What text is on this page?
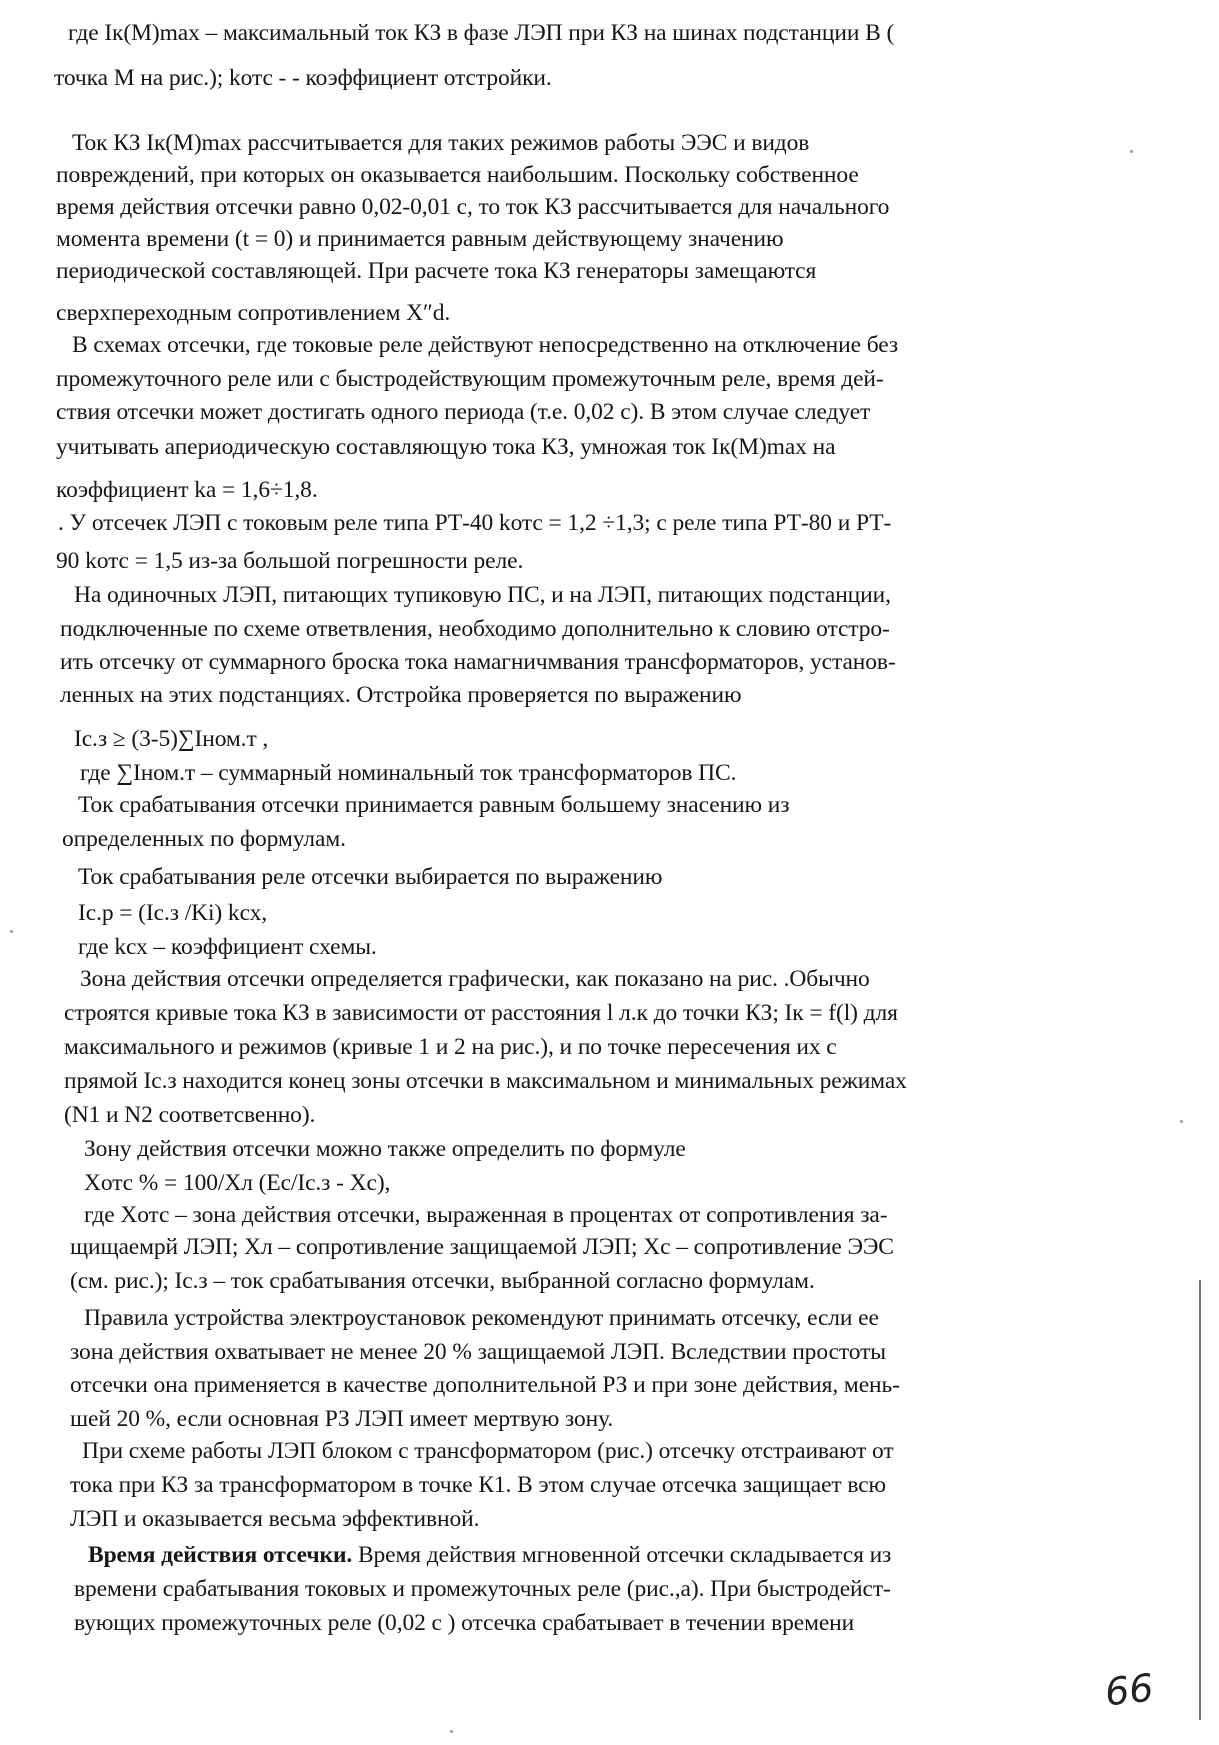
где Iк(М)max – максимальный ток КЗ в фазе ЛЭП при КЗ на шинах подстанции В (
точка М на рис.); kотс - - коэффициент отстройки.
Ток КЗ Iк(М)max рассчитывается для таких режимов работы ЭЭС и видов
повреждений, при которых он оказывается наибольшим. Поскольку собственное
время действия отсечки равно 0,02-0,01 с, то ток КЗ рассчитывается для начального
момента времени (t = 0) и принимается равным действующему значению
периодической составляющей. При расчете тока КЗ генераторы замещаются
сверхпереходным сопротивлением X″d.
В схемах отсечки, где токовые реле действуют непосредственно на отключение без
промежуточного реле или с быстродействующим промежуточным реле, время дей-
ствия отсечки может достигать одного периода (т.е. 0,02 с). В этом случае следует
учитывать апериодическую составляющую тока КЗ, умножая ток Iк(М)max на
коэффициент kа = 1,6÷1,8.
. У отсечек ЛЭП с токовым реле типа РТ-40 kотс = 1,2 ÷1,3; с реле типа РТ-80 и РТ-
90 kотс = 1,5 из-за большой погрешности реле.
На одиночных ЛЭП, питающих тупиковую ПС, и на ЛЭП, питающих подстанции,
подключенные по схеме ответвления, необходимо дополнительно к словию отстро-
ить отсечку от суммарного броска тока намагничмвания трансформаторов, установ-
ленных на этих подстанциях. Отстройка проверяется по выражению
Iс.з ≥ (3-5)∑Iном.т ,
где ∑Iном.т – суммарный номинальный ток трансформаторов ПС.
Ток срабатывания отсечки принимается равным большему знасению из
определенных по формулам.
Ток срабатывания реле отсечки выбирается по выражению
Iс.р = (Iс.з /Ki) kсх,
где kсх – коэффициент схемы.
Зона действия отсечки определяется графически, как показано на рис. .Обычно
строятся кривые тока КЗ в зависимости от расстояния l л.к до точки КЗ; Iк = f(l) для
максимального и режимов (кривые 1 и 2 на рис.), и по точке пересечения их с
прямой Iс.з находится конец зоны отсечки в максимальном и минимальных режимах
(N1 и N2 соответсвенно).
Зону действия отсечки можно также определить по формуле
Xотс % = 100/Xл (Eс/Iс.з - Xс),
где Xотс – зона действия отсечки, выраженная в процентах от сопротивления за-
щищаемрй ЛЭП; Xл – сопротивление защищаемой ЛЭП; Xс – сопротивление ЭЭС
(см. рис.); Iс.з – ток срабатывания отсечки, выбранной согласно формулам.
Правила устройства электроустановок рекомендуют принимать отсечку, если ее
зона действия охватывает не менее 20 % защищаемой ЛЭП. Вследствии простоты
отсечки она применяется в качестве дополнительной РЗ и при зоне действия, мень-
шей 20 %, если основная РЗ ЛЭП имеет мертвую зону.
При схеме работы ЛЭП блоком с трансформатором (рис.) отсечку отстраивают от
тока при КЗ за трансформатором в точке К1. В этом случае отсечка защищает всю
ЛЭП и оказывается весьма эффективной.
Время действия отсечки. Время действия мгновенной отсечки складывается из
времени срабатывания токовых и промежуточных реле (рис.,а). При быстродейст-
вующих промежуточных реле (0,02 с ) отсечка срабатывает в течении времени
66
